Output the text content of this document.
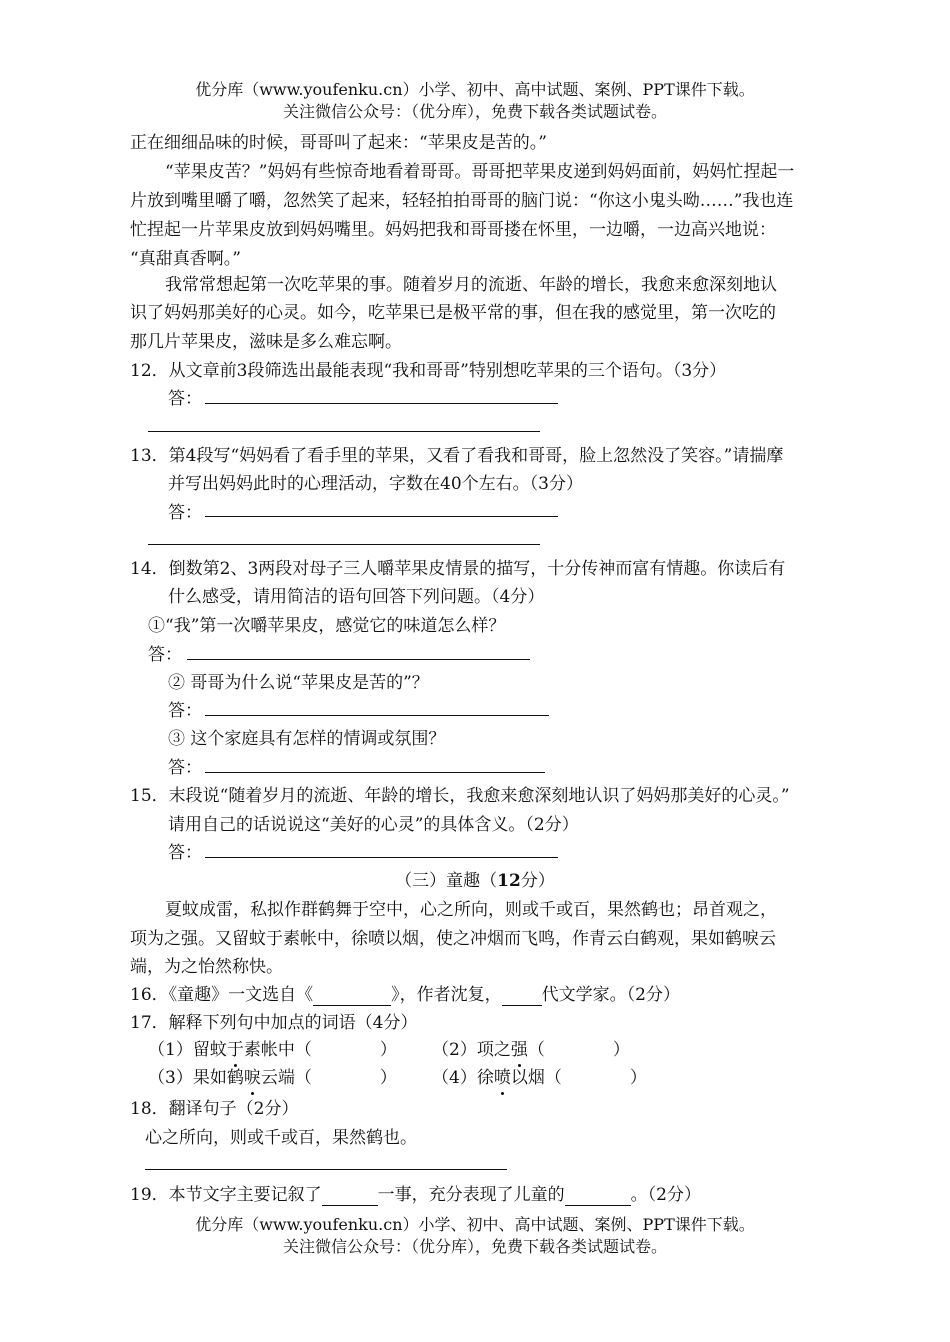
优分库（www.youfenku.cn）小学、初中、高中试题、案例、PPT课件下载。
关注微信公众号：（优分库），免费下载各类试题试卷。
正在细细品味的时候，哥哥叫了起来：“苹果皮是苦的。”
“苹果皮苦？”妈妈有些惊奇地看着哥哥。哥哥把苹果皮递到妈妈面前，妈妈忙捏起一
片放到嘴里嚼了嚼，忽然笑了起来，轻轻拍拍哥哥的脑门说：“你这小鬼头呦……”我也连
忙捏起一片苹果皮放到妈妈嘴里。妈妈把我和哥哥搂在怀里，一边嚼，一边高兴地说：
“真甜真香啊。”
我常常想起第一次吃苹果的事。随着岁月的流逝、年龄的增长，我愈来愈深刻地认
识了妈妈那美好的心灵。如今，吃苹果已是极平常的事，但在我的感觉里，第一次吃的
那几片苹果皮，滋味是多么难忘啊。
12．从文章前3段筛选出最能表现“我和哥哥”特别想吃苹果的三个语句。（3分）
答：
13．第4段写“妈妈看了看手里的苹果，又看了看我和哥哥，脸上忽然没了笑容。”请揣摩
并写出妈妈此时的心理活动，字数在40个左右。（3分）
答：
14．倒数第2、3两段对母子三人嚼苹果皮情景的描写，十分传神而富有情趣。你读后有
什么感受，请用简洁的语句回答下列问题。（4分）
①“我”第一次嚼苹果皮，感觉它的味道怎么样？
答：
② 哥哥为什么说“苹果皮是苦的”？
答：
③ 这个家庭具有怎样的情调或氛围？
答：
15．末段说“随着岁月的流逝、年龄的增长，我愈来愈深刻地认识了妈妈那美好的心灵。”
请用自己的话说说这“美好的心灵”的具体含义。（2分）
答：
（三）童趣（12分）
夏蚊成雷，私拟作群鹤舞于空中，心之所向，则或千或百，果然鹤也；昂首观之，
项为之强。又留蚊于素帐中，徐喷以烟，使之冲烟而飞鸣，作青云白鹤观，果如鹤唳云
端，为之怡然称快。
16．《童趣》一文选自《	》，作者沈复， 代文学家。（2分）
17．解释下列句中加点的词语（4分）
（1）留蚊于素帐中（　　　　） （2）项之强（　　　　）
（3）果如鹤唳云端（　　　　） （4）徐喷以烟（　　　　）
18．翻译句子（2分）
心之所向，则或千或百，果然鹤也。
19．本节文字主要记叙了	一事，充分表现了儿童的	。（2分）
优分库（www.youfenku.cn）小学、初中、高中试题、案例、PPT课件下载。
关注微信公众号：（优分库），免费下载各类试题试卷。
